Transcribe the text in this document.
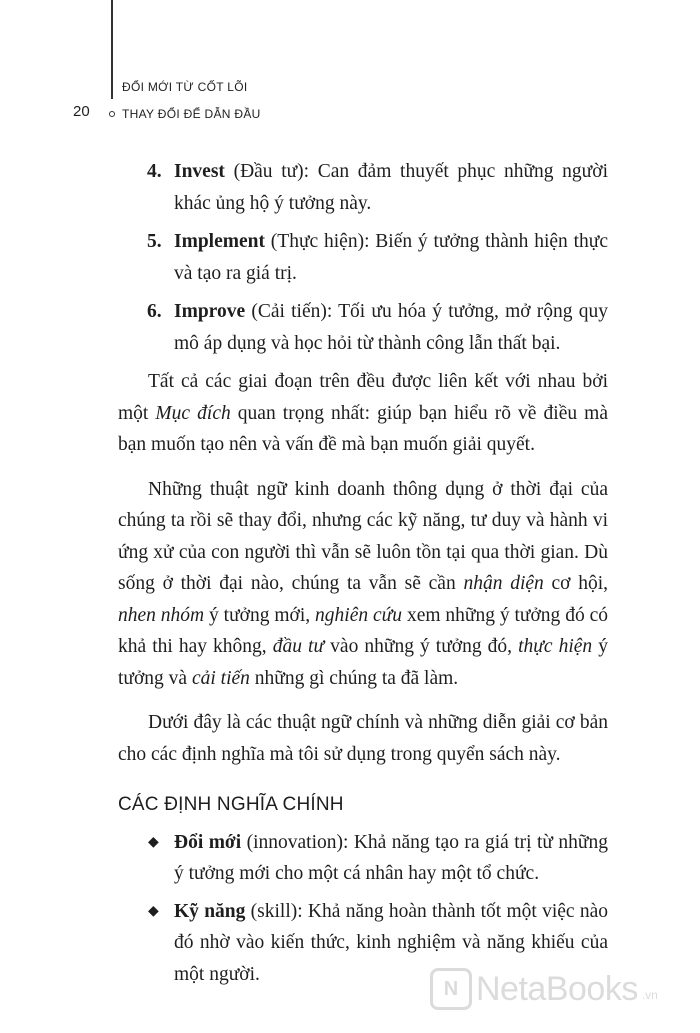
20
ĐỔI MỚI TỪ CỐT LÕI
THAY ĐỔI ĐỂ DẪN ĐẦU
4. Invest (Đầu tư): Can đảm thuyết phục những người khác ủng hộ ý tưởng này.
5. Implement (Thực hiện): Biến ý tưởng thành hiện thực và tạo ra giá trị.
6. Improve (Cải tiến): Tối ưu hóa ý tưởng, mở rộng quy mô áp dụng và học hỏi từ thành công lẫn thất bại.

Tất cả các giai đoạn trên đều được liên kết với nhau bởi một Mục đích quan trọng nhất: giúp bạn hiểu rõ về điều mà bạn muốn tạo nên và vấn đề mà bạn muốn giải quyết.

Những thuật ngữ kinh doanh thông dụng ở thời đại của chúng ta rồi sẽ thay đổi, nhưng các kỹ năng, tư duy và hành vi ứng xử của con người thì vẫn sẽ luôn tồn tại qua thời gian. Dù sống ở thời đại nào, chúng ta vẫn sẽ cần nhận diện cơ hội, nhen nhóm ý tưởng mới, nghiên cứu xem những ý tưởng đó có khả thi hay không, đầu tư vào những ý tưởng đó, thực hiện ý tưởng và cải tiến những gì chúng ta đã làm.

Dưới đây là các thuật ngữ chính và những diễn giải cơ bản cho các định nghĩa mà tôi sử dụng trong quyển sách này.

CÁC ĐỊNH NGHĨA CHÍNH
◆ Đổi mới (innovation): Khả năng tạo ra giá trị từ những ý tưởng mới cho một cá nhân hay một tổ chức.
◆ Kỹ năng (skill): Khả năng hoàn thành tốt một việc nào đó nhờ vào kiến thức, kinh nghiệm và năng khiếu của một người.
N NetaBooks .vn
